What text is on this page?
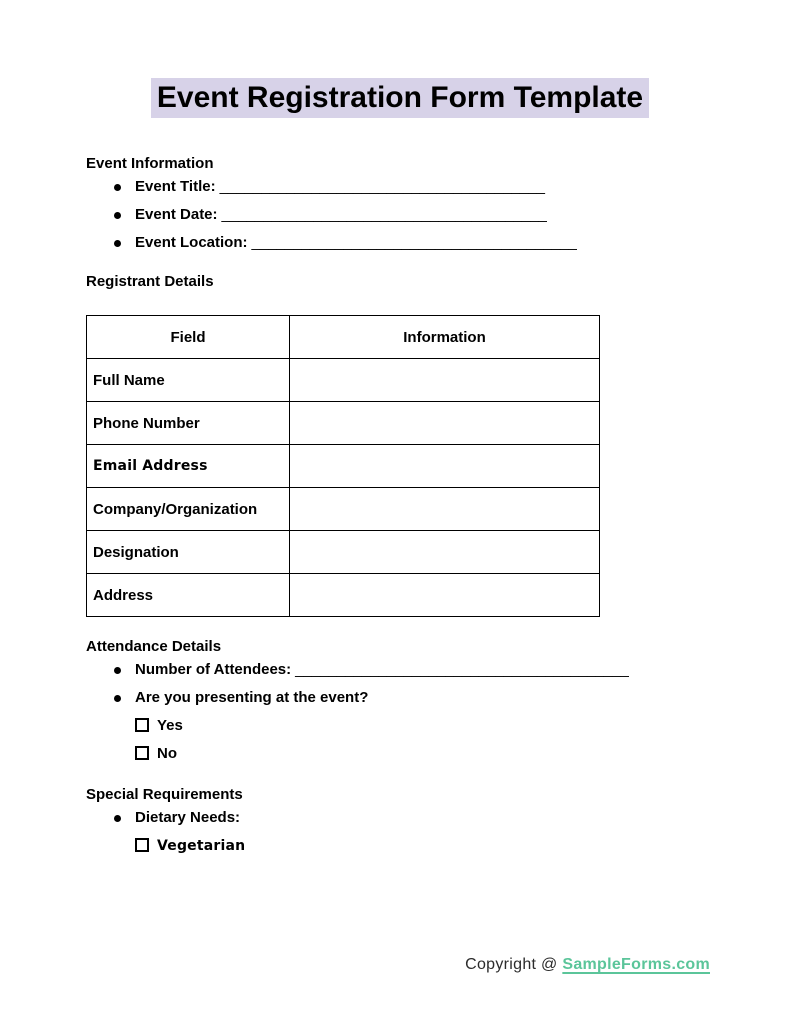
Event Registration Form Template
Event Information
Event Title: _______________________________________
Event Date: _______________________________________
Event Location: _______________________________________
Registrant Details
Field	Information
Full Name	
Phone Number	
Email Address	
Company/Organization	
Designation	
Address	
Attendance Details
Number of Attendees: ________________________________________
Are you presenting at the event?
Yes
No
Special Requirements
Dietary Needs:
Vegetarian
Copyright @ SampleForms.com
